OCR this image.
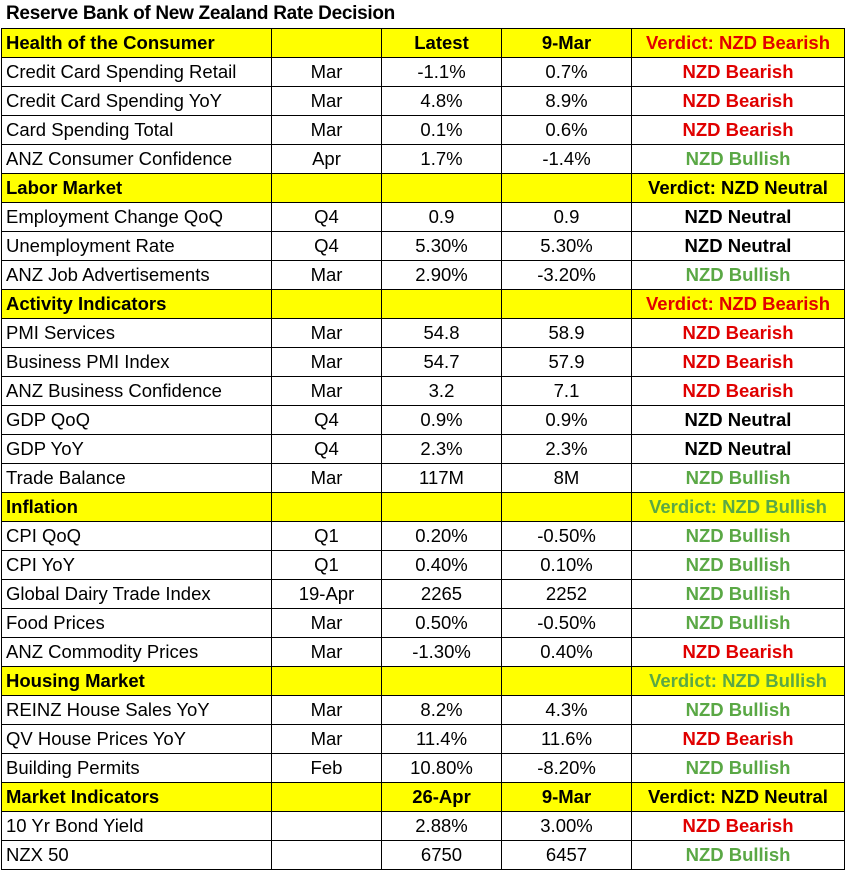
Reserve Bank of New Zealand Rate Decision
Health of the Consumer		Latest	9-Mar	Verdict: NZD Bearish
Credit Card Spending Retail	Mar	-1.1%	0.7%	NZD Bearish
Credit Card Spending YoY	Mar	4.8%	8.9%	NZD Bearish
Card Spending Total	Mar	0.1%	0.6%	NZD Bearish
ANZ Consumer Confidence	Apr	1.7%	-1.4%	NZD Bullish
Labor Market				Verdict: NZD Neutral
Employment Change QoQ	Q4	0.9	0.9	NZD Neutral
Unemployment Rate	Q4	5.30%	5.30%	NZD Neutral
ANZ Job Advertisements	Mar	2.90%	-3.20%	NZD Bullish
Activity Indicators				Verdict: NZD Bearish
PMI Services	Mar	54.8	58.9	NZD Bearish
Business PMI Index	Mar	54.7	57.9	NZD Bearish
ANZ Business Confidence	Mar	3.2	7.1	NZD Bearish
GDP QoQ	Q4	0.9%	0.9%	NZD Neutral
GDP YoY	Q4	2.3%	2.3%	NZD Neutral
Trade Balance	Mar	117M	8M	NZD Bullish
Inflation				Verdict: NZD Bullish
CPI QoQ	Q1	0.20%	-0.50%	NZD Bullish
CPI YoY	Q1	0.40%	0.10%	NZD Bullish
Global Dairy Trade Index	19-Apr	2265	2252	NZD Bullish
Food Prices	Mar	0.50%	-0.50%	NZD Bullish
ANZ Commodity Prices	Mar	-1.30%	0.40%	NZD Bearish
Housing Market				Verdict: NZD Bullish
REINZ House Sales YoY	Mar	8.2%	4.3%	NZD Bullish
QV House Prices YoY	Mar	11.4%	11.6%	NZD Bearish
Building Permits	Feb	10.80%	-8.20%	NZD Bullish
Market Indicators		26-Apr	9-Mar	Verdict: NZD Neutral
10 Yr Bond Yield		2.88%	3.00%	NZD Bearish
NZX 50		6750	6457	NZD Bullish
